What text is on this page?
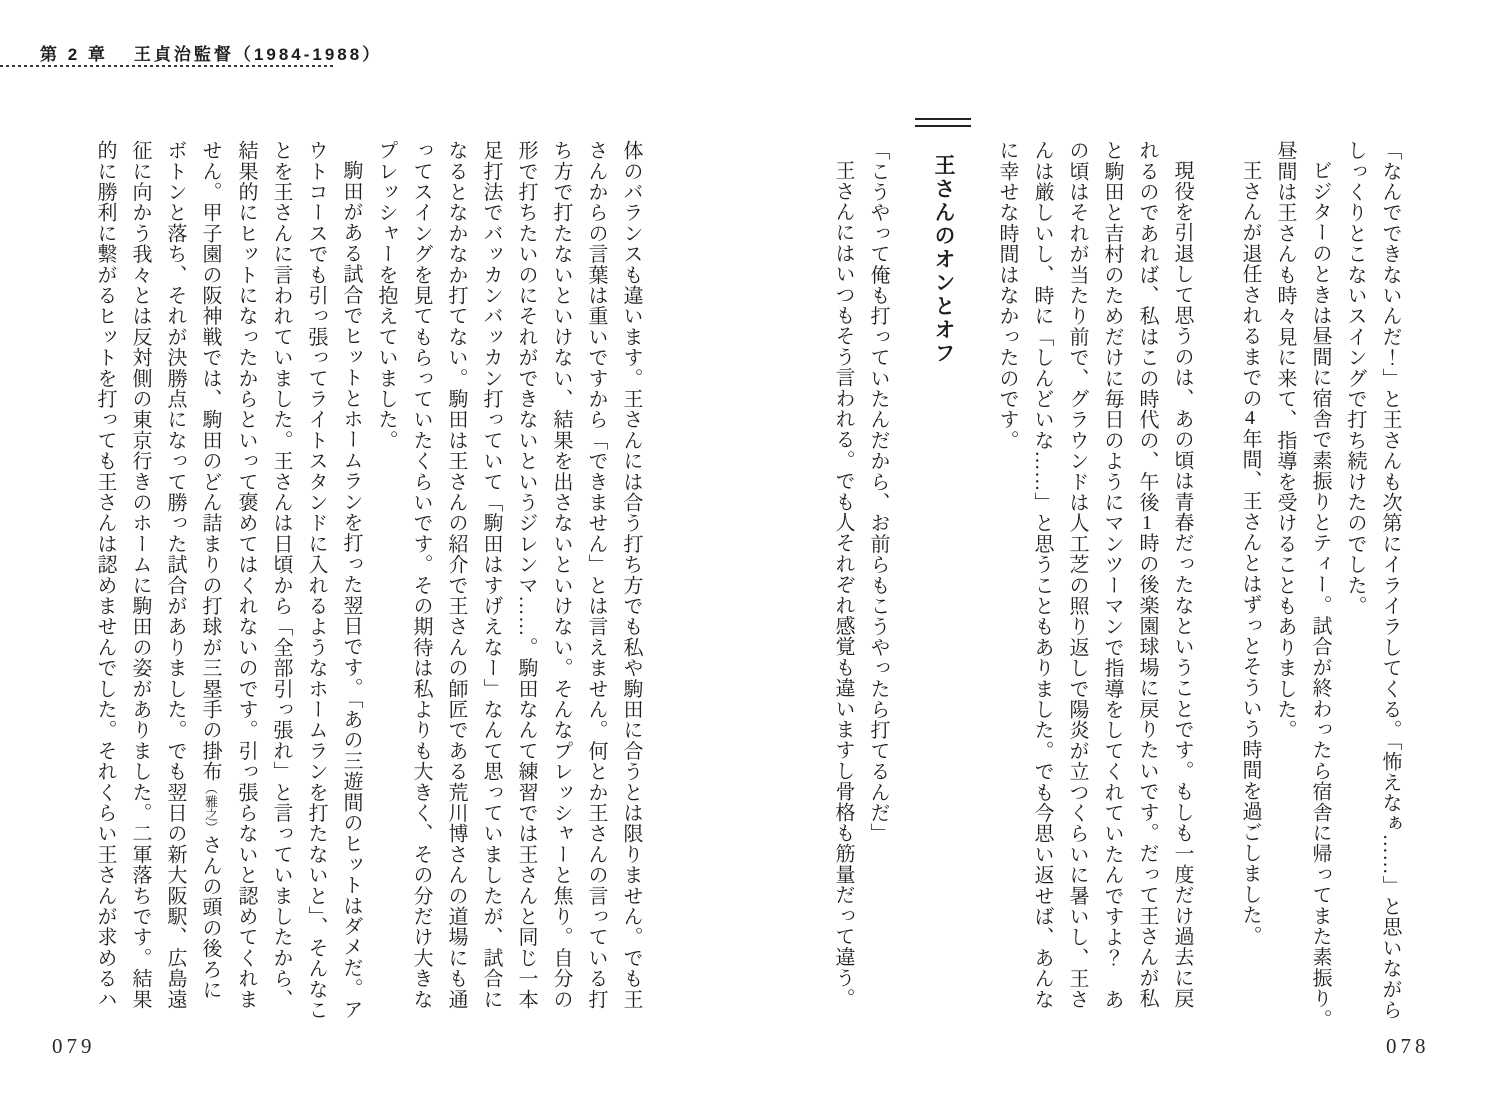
第 2 章 王貞治監督（1984-1988）
「なんでできないんだ！」と王さんも次第にイライラしてくる。「怖えなぁ……」と思いながら
しっくりとこないスイングで打ち続けたのでした。
ビジターのときは昼間に宿舎で素振りとティー。試合が終わったら宿舎に帰ってまた素振り。
昼間は王さんも時々見に来て、指導を受けることもありました。
王さんが退任されるまでの4年間、王さんとはずっとそういう時間を過ごしました。
現役を引退して思うのは、あの頃は青春だったなということです。もしも一度だけ過去に戻
れるのであれば、私はこの時代の、午後1時の後楽園球場に戻りたいです。だって王さんが私
と駒田と吉村のためだけに毎日のようにマンツーマンで指導をしてくれていたんですよ？　あ
の頃はそれが当たり前で、グラウンドは人工芝の照り返しで陽炎が立つくらいに暑いし、王さ
んは厳しいし、時に「しんどいな……」と思うこともありました。でも今思い返せば、あんな
に幸せな時間はなかったのです。
王さんのオンとオフ
「こうやって俺も打っていたんだから、お前らもこうやったら打てるんだ」
王さんにはいつもそう言われる。でも人それぞれ感覚も違いますし骨格も筋量だって違う。
体のバランスも違います。王さんには合う打ち方でも私や駒田に合うとは限りません。でも王
さんからの言葉は重いですから「できません」とは言えません。何とか王さんの言っている打
ち方で打たないといけない、結果を出さないといけない。そんなプレッシャーと焦り。自分の
形で打ちたいのにそれができないというジレンマ……。駒田なんて練習では王さんと同じ一本
足打法でバッカンバッカン打っていて「駒田はすげえなー」なんて思っていましたが、試合に
なるとなかなか打てない。駒田は王さんの紹介で王さんの師匠である荒川博さんの道場にも通
ってスイングを見てもらっていたくらいです。その期待は私よりも大きく、その分だけ大きな
プレッシャーを抱えていました。
駒田がある試合でヒットとホームランを打った翌日です。「あの三遊間のヒットはダメだ。ア
ウトコースでも引っ張ってライトスタンドに入れるようなホームランを打たないと」、そんなこ
とを王さんに言われていました。王さんは日頃から「全部引っ張れ」と言っていましたから、
結果的にヒットになったからといって褒めてはくれないのです。引っ張らないと認めてくれま
せん。甲子園の阪神戦では、駒田のどん詰まりの打球が三塁手の掛布（雅之）さんの頭の後ろに
ボトンと落ち、それが決勝点になって勝った試合がありました。でも翌日の新大阪駅、広島遠
征に向かう我々とは反対側の東京行きのホームに駒田の姿がありました。二軍落ちです。結果
的に勝利に繋がるヒットを打っても王さんは認めませんでした。それくらい王さんが求めるハ
078
079
